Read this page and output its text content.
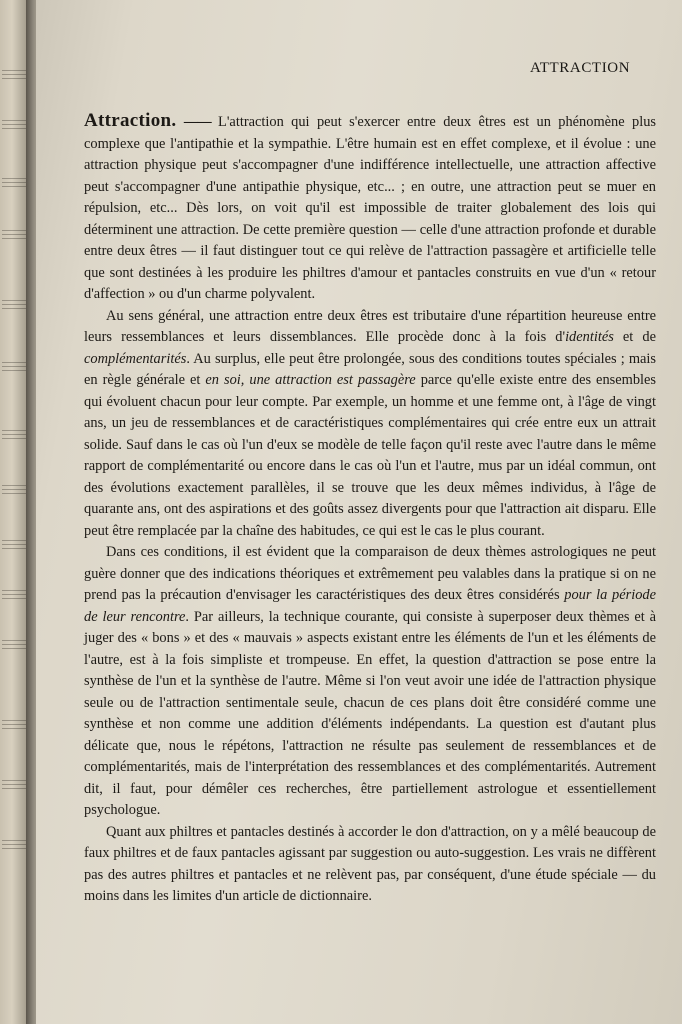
ATTRACTION

Attraction. —— L'attraction qui peut s'exercer entre deux êtres est un phénomène plus complexe que l'antipathie et la sympathie. L'être humain est en effet complexe, et il évolue : une attraction physique peut s'accompagner d'une indifférence intellectuelle, une attraction affective peut s'accompagner d'une antipathie physique, etc... ; en outre, une attraction peut se muer en répulsion, etc... Dès lors, on voit qu'il est impossible de traiter globalement des lois qui déterminent une attraction. De cette première question — celle d'une attraction profonde et durable entre deux êtres — il faut distinguer tout ce qui relève de l'attraction passagère et artificielle telle que sont destinées à les produire les philtres d'amour et pantacles construits en vue d'un « retour d'affection » ou d'un charme polyvalent.

Au sens général, une attraction entre deux êtres est tributaire d'une répartition heureuse entre leurs ressemblances et leurs dissemblances. Elle procède donc à la fois d'identités et de complémentarités. Au surplus, elle peut être prolongée, sous des conditions toutes spéciales ; mais en règle générale et en soi, une attraction est passagère parce qu'elle existe entre des ensembles qui évoluent chacun pour leur compte. Par exemple, un homme et une femme ont, à l'âge de vingt ans, un jeu de ressemblances et de caractéristiques complémentaires qui crée entre eux un attrait solide. Sauf dans le cas où l'un d'eux se modèle de telle façon qu'il reste avec l'autre dans le même rapport de complémentarité ou encore dans le cas où l'un et l'autre, mus par un idéal commun, ont des évolutions exactement parallèles, il se trouve que les deux mêmes individus, à l'âge de quarante ans, ont des aspirations et des goûts assez divergents pour que l'attraction ait disparu. Elle peut être remplacée par la chaîne des habitudes, ce qui est le cas le plus courant.

Dans ces conditions, il est évident que la comparaison de deux thèmes astrologiques ne peut guère donner que des indications théoriques et extrêmement peu valables dans la pratique si on ne prend pas la précaution d'envisager les caractéristiques des deux êtres considérés pour la période de leur rencontre. Par ailleurs, la technique courante, qui consiste à superposer deux thèmes et à juger des « bons » et des « mauvais » aspects existant entre les éléments de l'un et les éléments de l'autre, est à la fois simpliste et trompeuse. En effet, la question d'attraction se pose entre la synthèse de l'un et la synthèse de l'autre. Même si l'on veut avoir une idée de l'attraction physique seule ou de l'attraction sentimentale seule, chacun de ces plans doit être considéré comme une synthèse et non comme une addition d'éléments indépendants. La question est d'autant plus délicate que, nous le répétons, l'attraction ne résulte pas seulement de ressemblances et de complémentarités, mais de l'interprétation des ressemblances et des complémentarités. Autrement dit, il faut, pour démêler ces recherches, être partiellement astrologue et essentiellement psychologue.

Quant aux philtres et pantacles destinés à accorder le don d'attraction, on y a mêlé beaucoup de faux philtres et de faux pantacles agissant par suggestion ou auto-suggestion. Les vrais ne diffèrent pas des autres philtres et pantacles et ne relèvent pas, par conséquent, d'une étude spéciale — du moins dans les limites d'un article de dictionnaire.
